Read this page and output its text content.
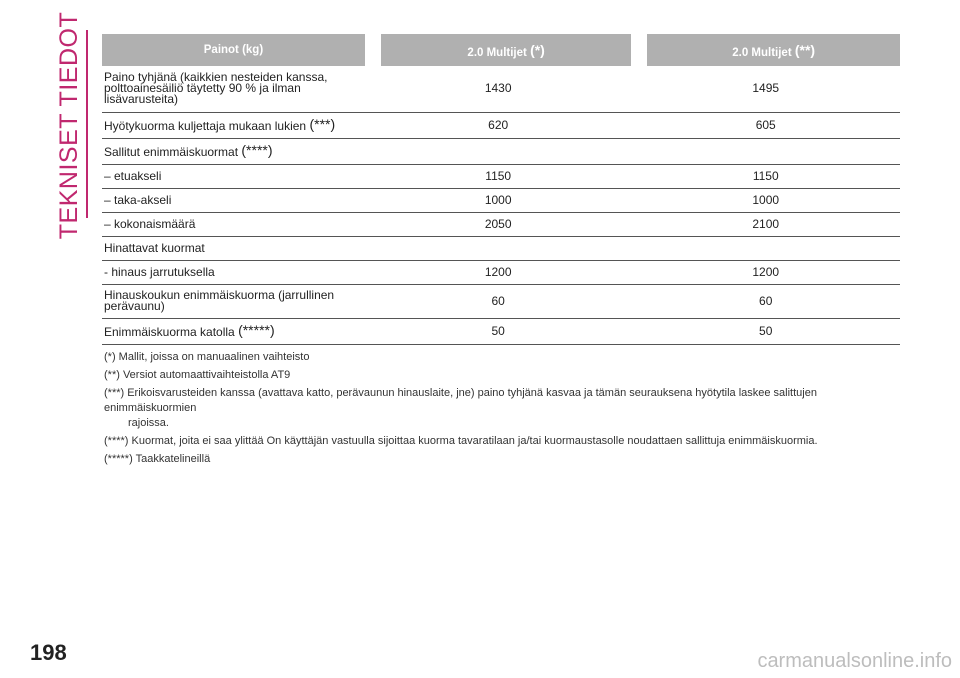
TEKNISET TIEDOT	Painot (kg)		2.0 Multijet (*)		2.0 Multijet (**)
Paino tyhjänä (kaikkien nesteiden kanssa, polttoainesäiliö täytetty 90 % ja ilman lisävarusteita)	1430		1495	
Hyötykuorma kuljettaja mukaan lukien (***)	620		605	
Sallitut enimmäiskuormat (****)				
– etuakseli	1150		1150	
– taka-akseli	1000		1000	
– kokonaismäärä	2050		2100	
Hinattavat kuormat				
- hinaus jarrutuksella	1200		1200	
Hinauskoukun enimmäiskuorma (jarrullinen perävaunu)	60		60	
Enimmäiskuorma katolla (*****)	50		50	

(*) Mallit, joissa on manuaalinen vaihteisto

(**) Versiot automaattivaihteistolla AT9

(***) Erikoisvarusteiden kanssa (avattava katto, perävaunun hinauslaite, jne) paino tyhjänä kasvaa ja tämän seurauksena hyötytila laskee salittujen enimmäiskuormien
rajoissa.

(****) Kuormat, joita ei saa ylittää On käyttäjän vastuulla sijoittaa kuorma tavaratilaan ja/tai kuormaustasolle noudattaen sallittuja enimmäiskuormia.

(*****) Taakkatelineillä

198	carmanualsonline.info
